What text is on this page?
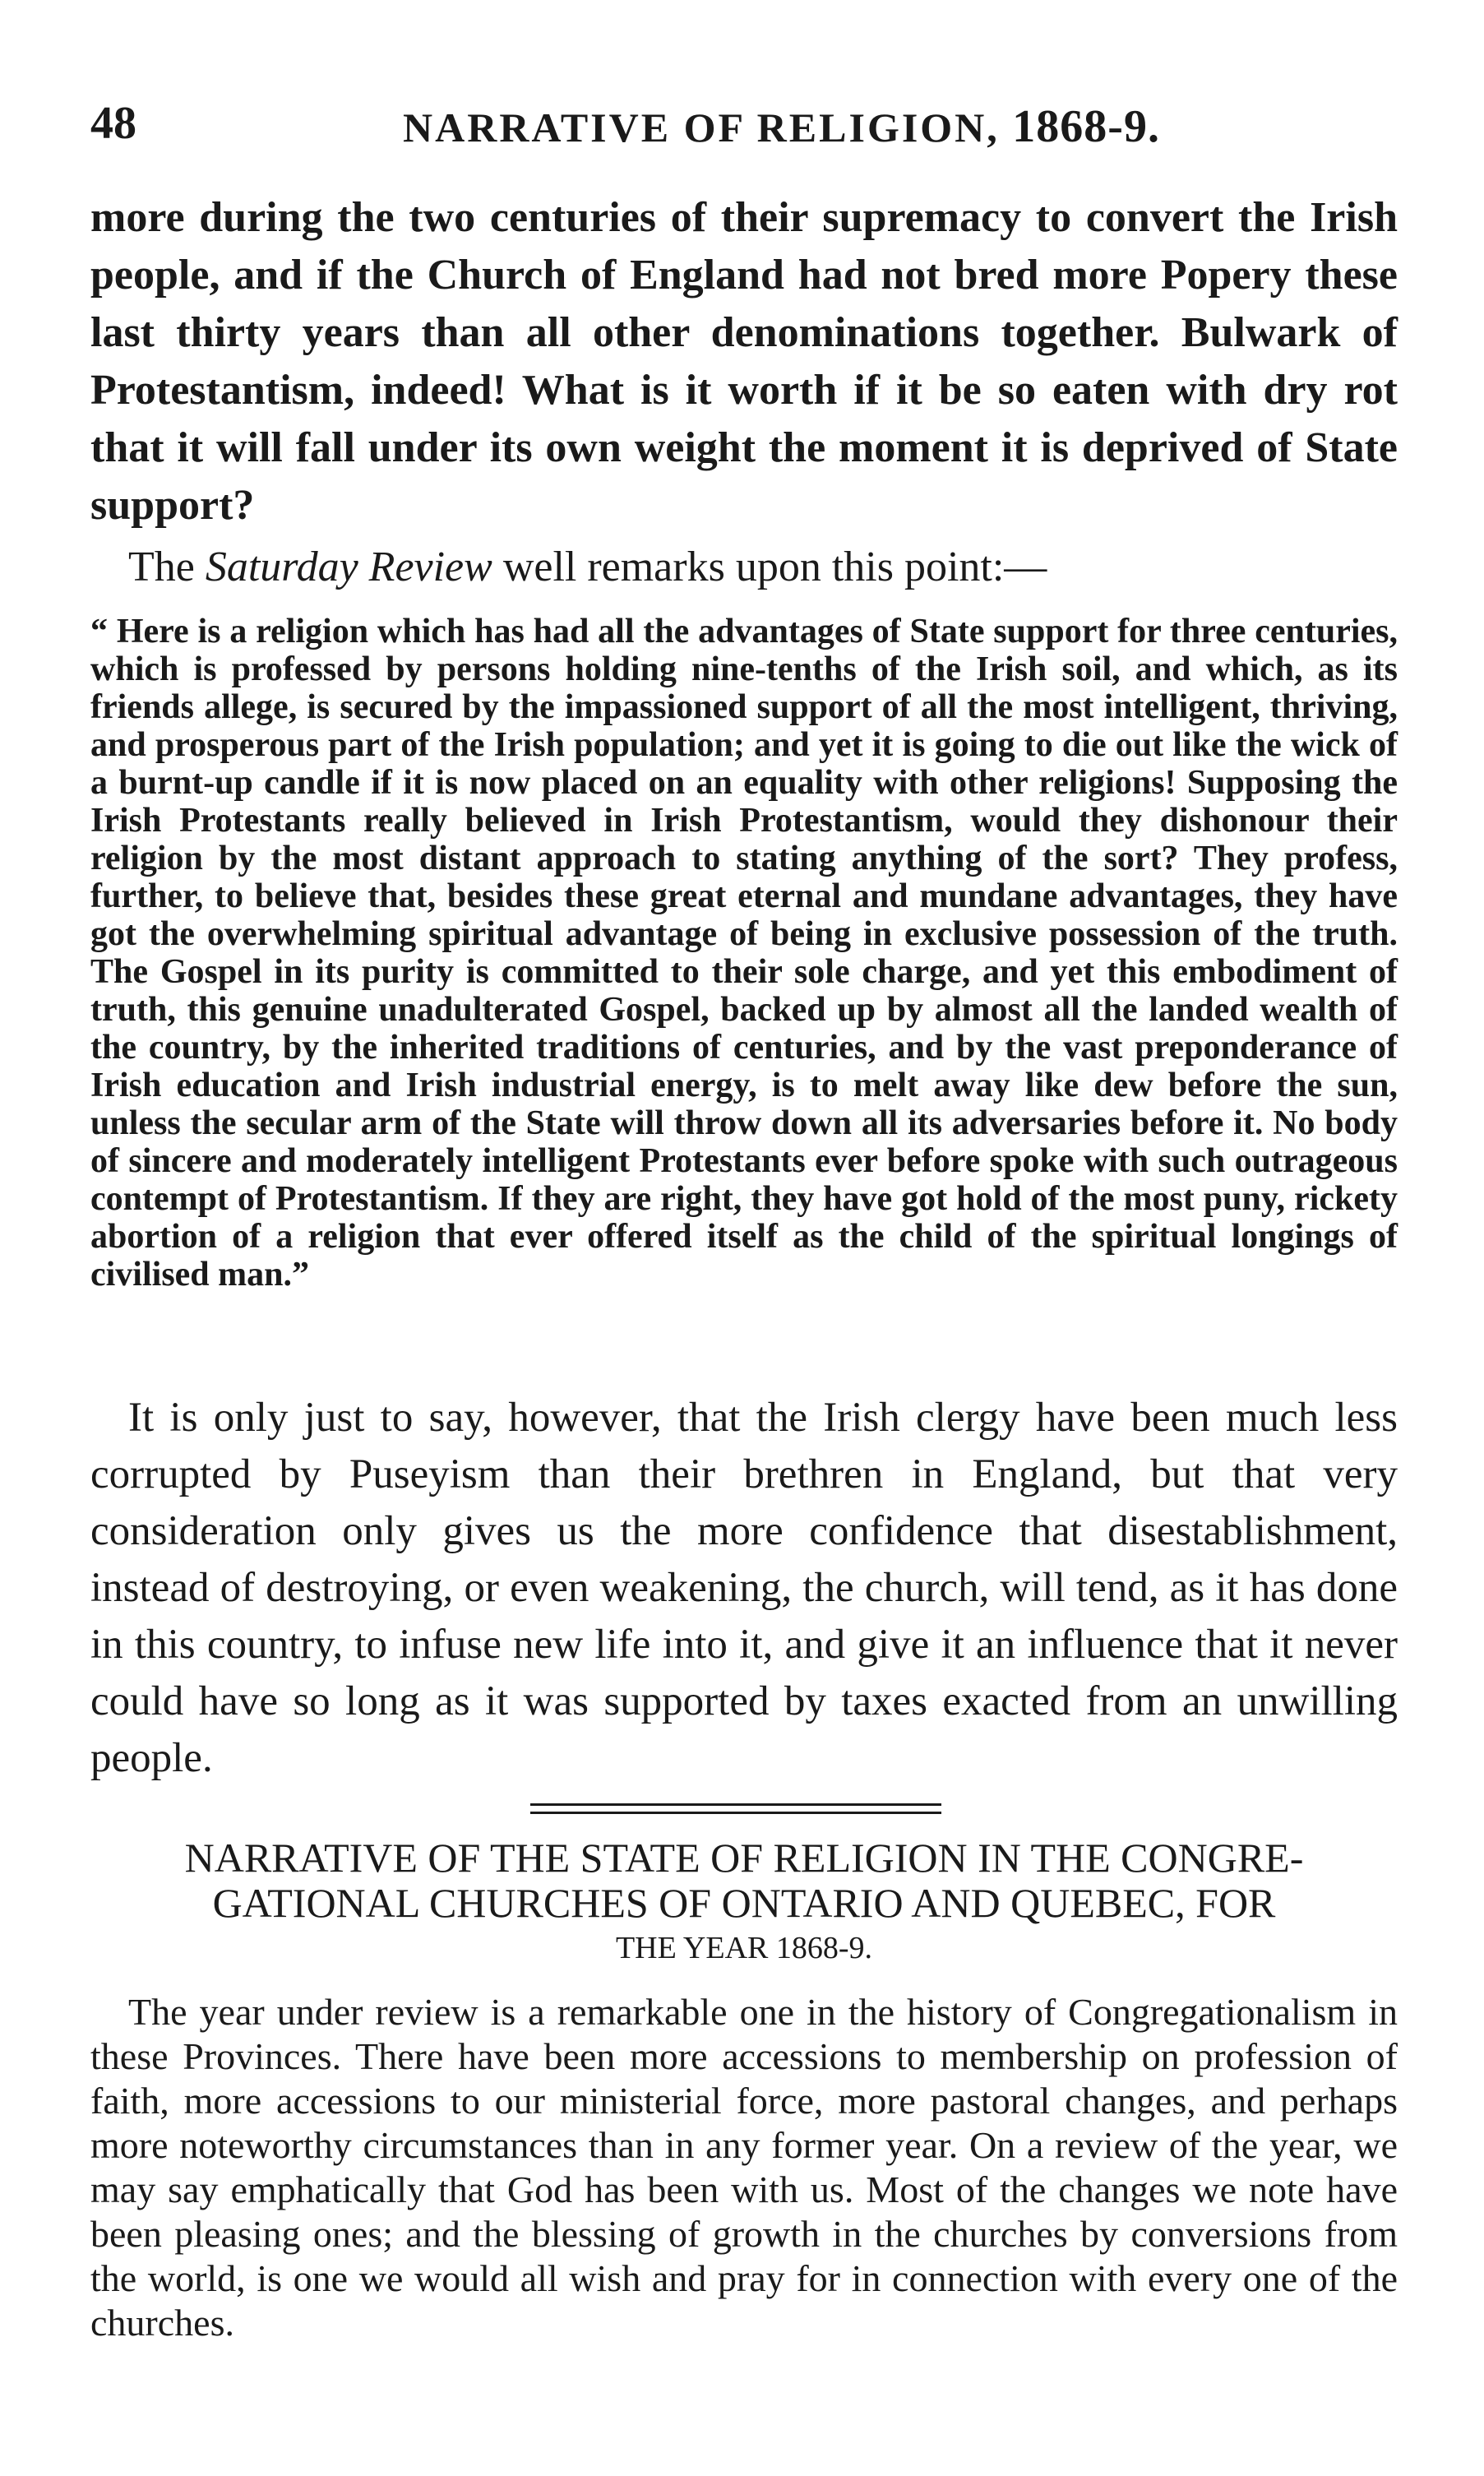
48	NARRATIVE OF RELIGION, 1868-9.
more during the two centuries of their supremacy to convert the Irish people, and if the Church of England had not bred more Popery these last thirty years than all other denominations together. Bulwark of Protestantism, indeed! What is it worth if it be so eaten with dry rot that it will fall under its own weight the moment it is deprived of State support?
The Saturday Review well remarks upon this point:—
“ Here is a religion which has had all the advantages of State support for three centuries, which is professed by persons holding nine-tenths of the Irish soil, and which, as its friends allege, is secured by the impassioned support of all the most intelligent, thriving, and prosperous part of the Irish population; and yet it is going to die out like the wick of a burnt-up candle if it is now placed on an equality with other religions! Supposing the Irish Protestants really believed in Irish Protestantism, would they dishonour their religion by the most distant approach to stating anything of the sort? They profess, further, to believe that, besides these great eternal and mundane advantages, they have got the overwhelming spiritual advantage of being in exclusive possession of the truth. The Gospel in its purity is committed to their sole charge, and yet this embodiment of truth, this genuine unadulterated Gospel, backed up by almost all the landed wealth of the country, by the inherited traditions of centuries, and by the vast preponderance of Irish education and Irish industrial energy, is to melt away like dew before the sun, unless the secular arm of the State will throw down all its adversaries before it. No body of sincere and moderately intelligent Protestants ever before spoke with such outrageous contempt of Protestantism. If they are right, they have got hold of the most puny, rickety abortion of a religion that ever offered itself as the child of the spiritual longings of civilised man.”
It is only just to say, however, that the Irish clergy have been much less corrupted by Puseyism than their brethren in England, but that very consideration only gives us the more confidence that disestablishment, instead of destroying, or even weakening, the church, will tend, as it has done in this country, to infuse new life into it, and give it an influence that it never could have so long as it was supported by taxes exacted from an unwilling people.
NARRATIVE OF THE STATE OF RELIGION IN THE CONGRE-
GATIONAL CHURCHES OF ONTARIO AND QUEBEC, FOR
THE YEAR 1868-9.
The year under review is a remarkable one in the history of Congregationalism in these Provinces. There have been more accessions to membership on profession of faith, more accessions to our ministerial force, more pastoral changes, and perhaps more noteworthy circumstances than in any former year. On a review of the year, we may say emphatically that God has been with us. Most of the changes we note have been pleasing ones; and the blessing of growth in the churches by conversions from the world, is one we would all wish and pray for in connection with every one of the churches.
